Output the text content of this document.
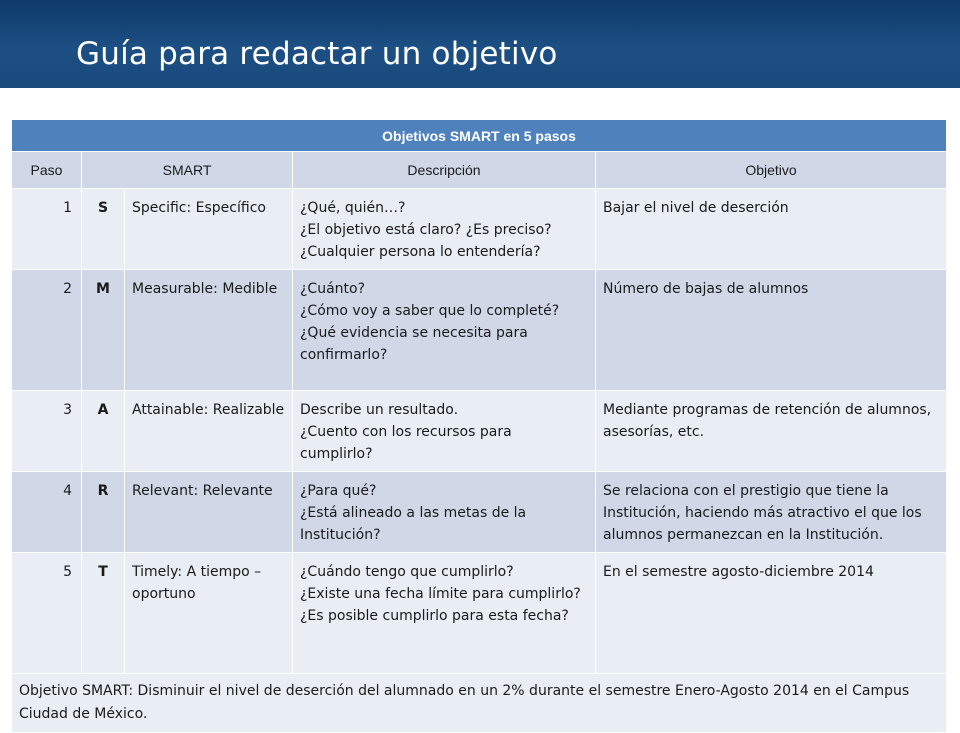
Guía para redactar un objetivo
Objetivos SMART en 5 pasos				
Paso	SMART		Descripción	Objetivo
1	S	Specific: Específico	¿Qué, quién…?
¿El objetivo está claro? ¿Es preciso?
¿Cualquier persona lo entendería?	Bajar el nivel de deserción
2	M	Measurable: Medible	¿Cuánto?
¿Cómo voy a saber que lo completé?
¿Qué evidencia se necesita para confirmarlo?	Número de bajas de alumnos
3	A	Attainable: Realizable	Describe un resultado.
¿Cuento con los recursos para cumplirlo?	Mediante programas de retención de alumnos, asesorías, etc.
4	R	Relevant: Relevante	¿Para qué?
¿Está alineado a las metas de la Institución?	Se relaciona con el prestigio que tiene la Institución, haciendo más atractivo el que los alumnos permanezcan en la Institución.
5	T	Timely: A tiempo – oportuno	¿Cuándo tengo que cumplirlo?
¿Existe una fecha límite para cumplirlo?
¿Es posible cumplirlo para esta fecha?	En el semestre agosto-diciembre 2014
Objetivo SMART: Disminuir el nivel de deserción del alumnado en un 2% durante el semestre Enero-Agosto 2014 en el Campus Ciudad de México.				
